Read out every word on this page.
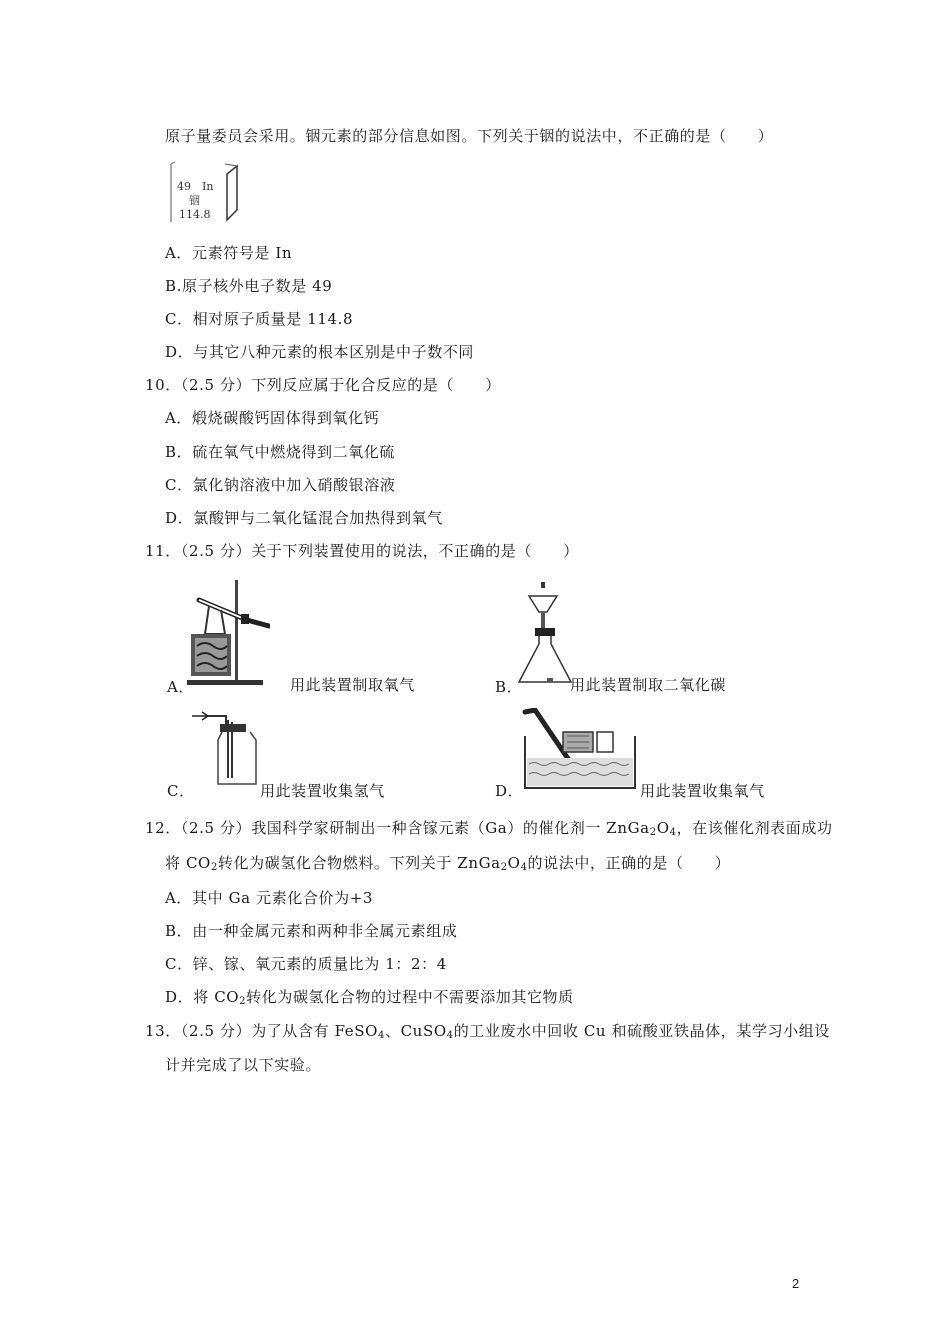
原子量委员会采用。铟元素的部分信息如图。下列关于铟的说法中，不正确的是（　　）
49 In
铟
114.8
A．元素符号是 In
B.原子核外电子数是 49
C．相对原子质量是 114.8
D．与其它八种元素的根本区别是中子数不同
10．（2.5 分）下列反应属于化合反应的是（　　）
A．煅烧碳酸钙固体得到氧化钙
B．硫在氧气中燃烧得到二氧化硫
C．氯化钠溶液中加入硝酸银溶液
D．氯酸钾与二氧化锰混合加热得到氧气
11．（2.5 分）关于下列装置使用的说法，不正确的是（　　）
A．	用此装置制取氧气	B．	用此装置制取二氧化碳
C．	用此装置收集氢气	D．	用此装置收集氧气
12．（2.5 分）我国科学家研制出一种含镓元素（Ga）的催化剂一 $ZnGa_2O_4$，在该催化剂表面成功
将 $CO_2$转化为碳氢化合物燃料。下列关于 $ZnGa_2O_4$的说法中，正确的是（　　）
A．其中 Ga 元素化合价为+3
B．由一种金属元素和两种非全属元素组成
C．锌、镓、氧元素的质量比为 1：2：4
D．将 $CO_2$转化为碳氢化合物的过程中不需要添加其它物质
13．（2.5 分）为了从含有 FeSO$_4$、CuSO$_4$的工业废水中回收 Cu 和硫酸亚铁晶体，某学习小组设
计并完成了以下实验。
2
